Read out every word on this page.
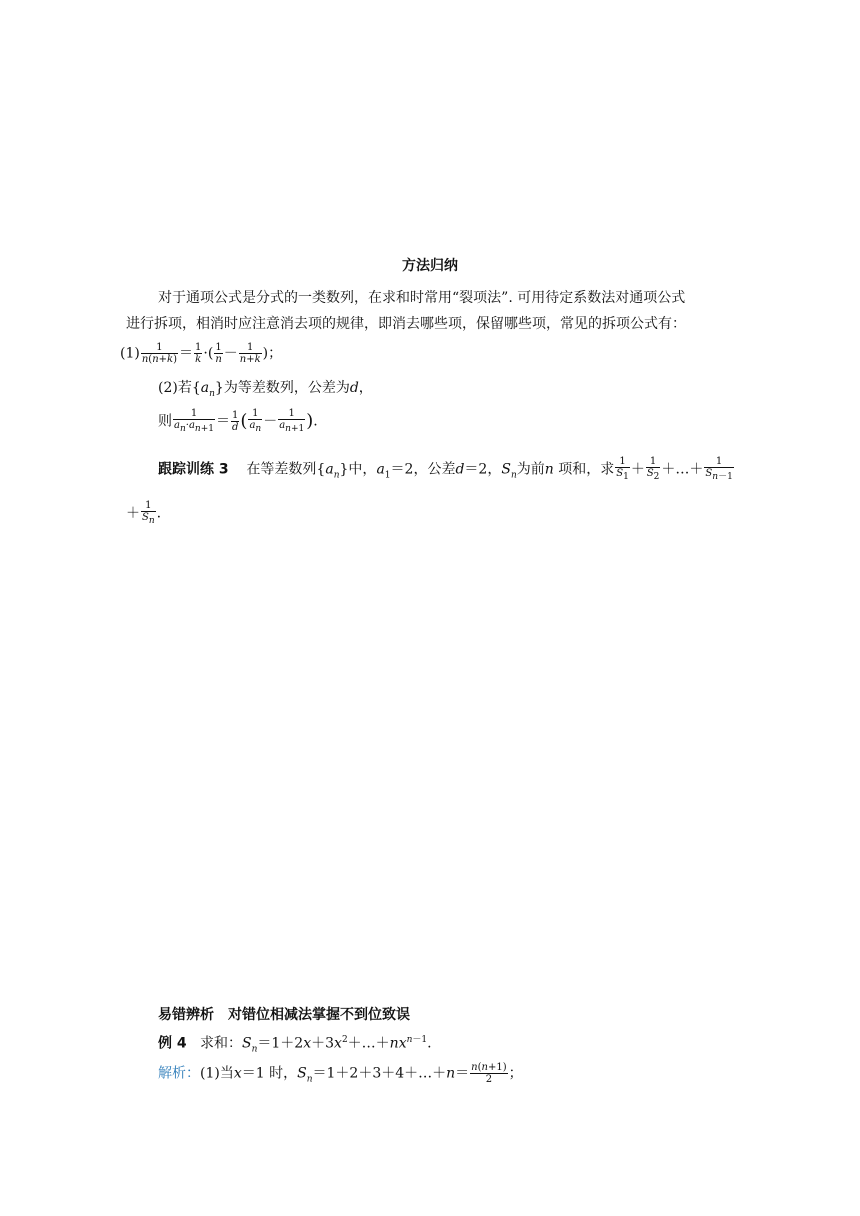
方法归纳
对于通项公式是分式的一类数列，在求和时常用“裂项法”. 可用待定系数法对通项公式
进行拆项，相消时应注意消去项的规律，即消去哪些项，保留哪些项，常见的拆项公式有：
$(1) \frac{1}{n(n+k)} = \frac{1}{k}$ ·( $\frac{1}{n} - \frac{1}{n+k}$ )；
(2)若$\{a_n\}$为等差数列，公差为d，
则 $\frac{1}{a_n\cdot a_{n+1}} = \frac{1}{d}$ ( $\frac{1}{a_n} - \frac{1}{a_{n+1}}$ ).
跟踪训练 3 在等差数列$\{a_n\}$中，$a_1=2$，公差d＝2，$S_n$为前n 项和，求 $\frac{1}{S_1} + \frac{1}{S_2}$ ＋…＋ $\frac{1}{S_{n-1}}$
＋ $\frac{1}{S_n}$ .
易错辨析　对错位相减法掌握不到位致误
例 4 求和：$S_n=1+2x+3x^2+\dots+nx^{n-1}$.
解析：(1)当x＝1 时，$S_n=1+2+3+4+\dots+n= \frac{n(n+1)}{2}$ ；
